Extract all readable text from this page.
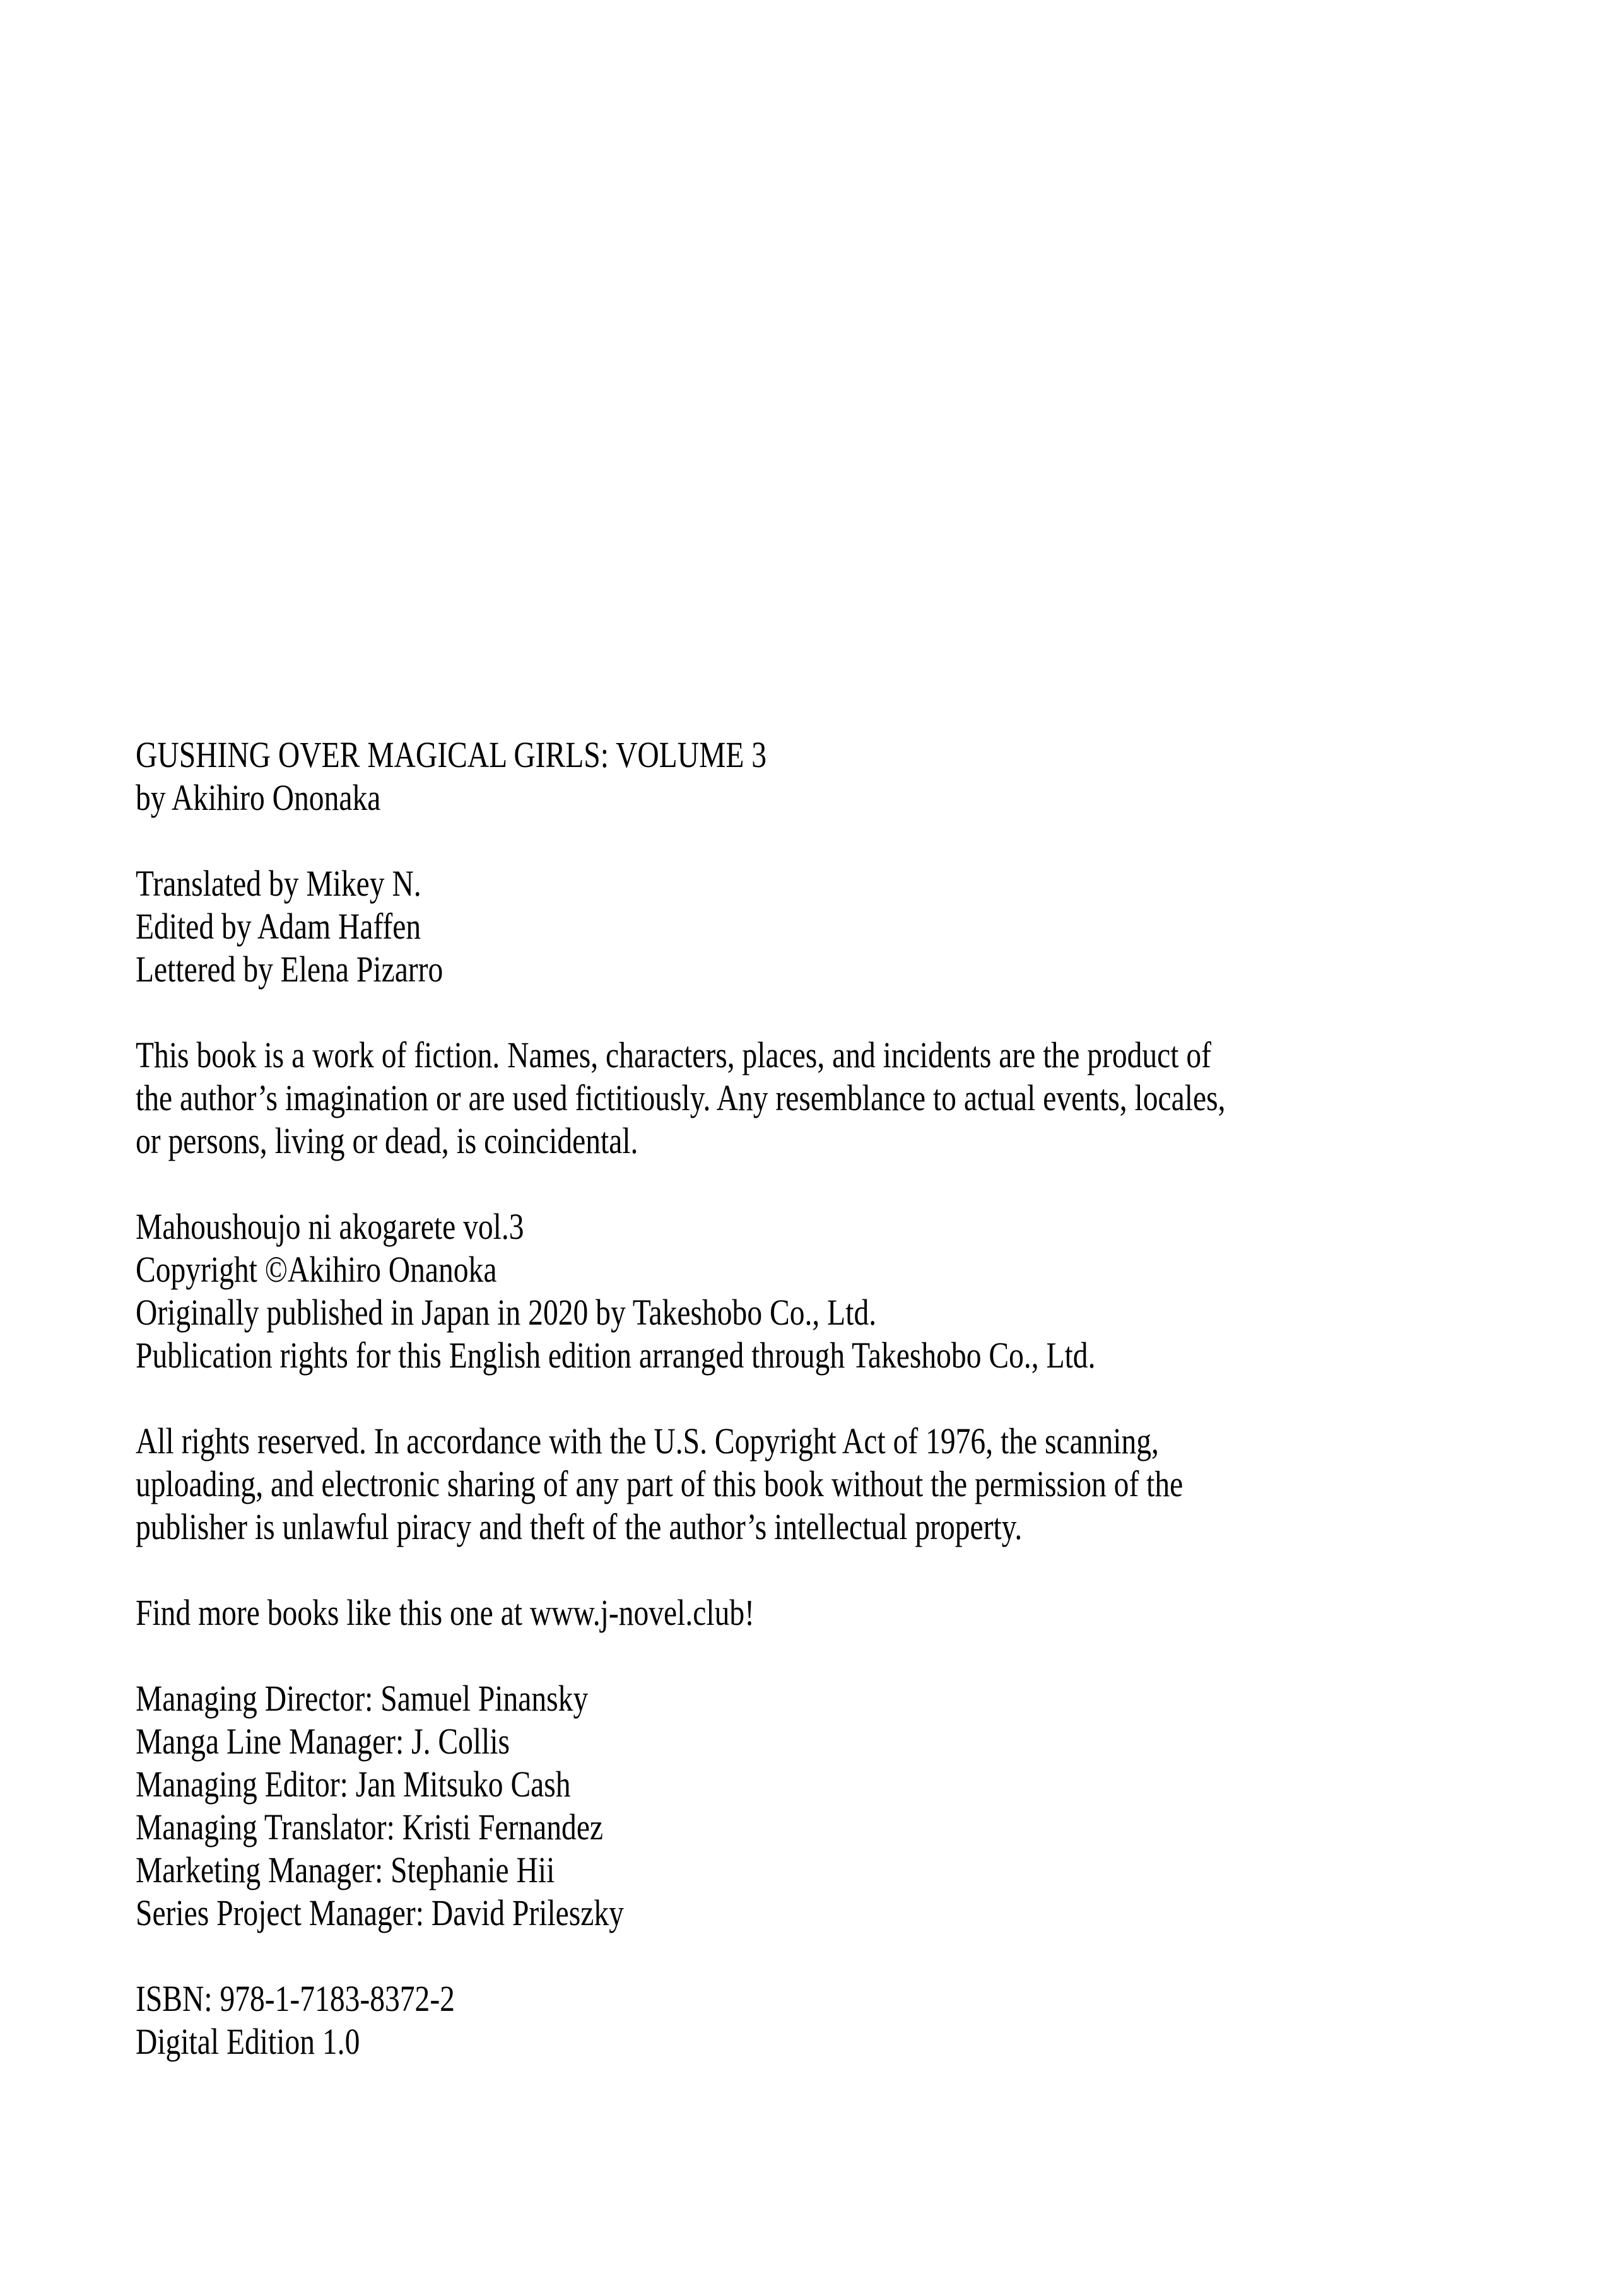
GUSHING OVER MAGICAL GIRLS: VOLUME 3
by Akihiro Ononaka
Translated by Mikey N.
Edited by Adam Haffen
Lettered by Elena Pizarro
This book is a work of fiction. Names, characters, places, and incidents are the product of
the author’s imagination or are used fictitiously. Any resemblance to actual events, locales,
or persons, living or dead, is coincidental.
Mahoushoujo ni akogarete vol.3
Copyright ©Akihiro Onanoka
Originally published in Japan in 2020 by Takeshobo Co., Ltd.
Publication rights for this English edition arranged through Takeshobo Co., Ltd.
All rights reserved. In accordance with the U.S. Copyright Act of 1976, the scanning,
uploading, and electronic sharing of any part of this book without the permission of the
publisher is unlawful piracy and theft of the author’s intellectual property.
Find more books like this one at www.j-novel.club!
Managing Director: Samuel Pinansky
Manga Line Manager: J. Collis
Managing Editor: Jan Mitsuko Cash
Managing Translator: Kristi Fernandez
Marketing Manager: Stephanie Hii
Series Project Manager: David Prileszky
ISBN: 978-1-7183-8372-2
Digital Edition 1.0
